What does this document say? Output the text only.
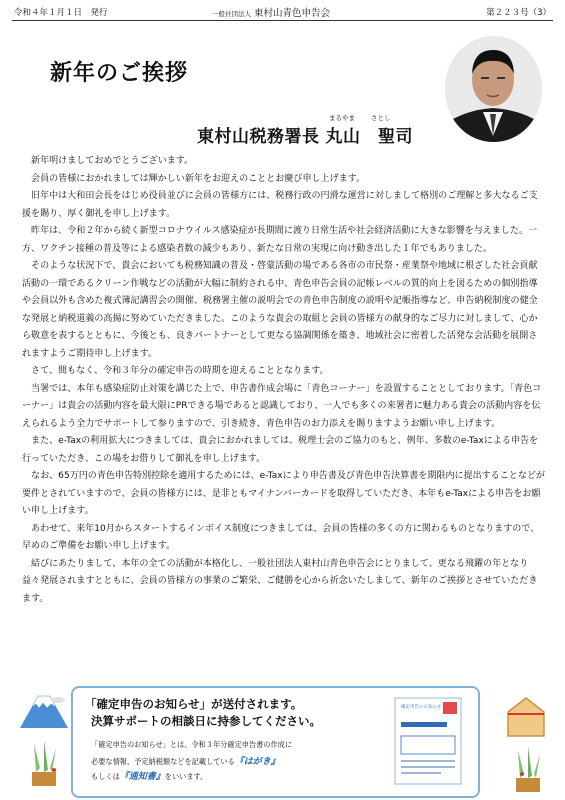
令和４年１月１日　発行	一般社団法人 東村山青色申告会	第２２３号（3）
新年のご挨拶
まるやま さとし
東村山税務署長 丸山　聖司

新年明けましておめでとうございます。

会員の皆様におかれましては輝かしい新年をお迎えのこととお慶び申し上げます。

旧年中は大和田会長をはじめ役員並びに会員の皆様方には、税務行政の円滑な運営に対しまして格別のご理解と多大なるご支援を賜り、厚く御礼を申し上げます。

昨年は、令和２年から続く新型コロナウイルス感染症が長期間に渡り日常生活や社会経済活動に大きな影響を与えました。一方、ワクチン接種の普及等による感染者数の減少もあり、新たな日常の実現に向け動き出した１年でもありました。

そのような状況下で、貴会においても税務知識の普及・啓蒙活動の場である各市の市民祭・産業祭や地域に根ざした社会貢献活動の一環であるクリーン作戦などの活動が大幅に制約される中、青色申告会員の記帳レベルの質的向上を図るための個別指導や会員以外も含めた複式簿記講習会の開催、税務署主催の説明会での青色申告制度の説明や記帳指導など、申告納税制度の健全な発展と納税道義の高揚に努めていただきました。このような貴会の取組と会員の皆様方の献身的なご尽力に対しまして、心から敬意を表するとともに、今後とも、良きパートナーとして更なる協調関係を築き、地域社会に密着した活発な会活動を展開されますようご期待申し上げます。

さて、間もなく、令和３年分の確定申告の時期を迎えることとなります。

当署では、本年も感染症防止対策を講じた上で、申告書作成会場に「青色コーナー」を設置することとしております。「青色コーナー」は貴会の活動内容を最大限にPRできる場であると認識しており、一人でも多くの来署者に魅力ある貴会の活動内容を伝えられるよう全力でサポートして参りますので、引き続き、青色申告のお力添えを賜りますようお願い申し上げます。

また、e-Taxの利用拡大につきましては、貴会におかれましては、税理士会のご協力のもと、例年、多数のe-Taxによる申告を行っていただき、この場をお借りして御礼を申し上げます。

なお、65万円の青色申告特別控除を適用するためには、e-Taxにより申告書及び青色申告決算書を期限内に提出することなどが要件とされていますので、会員の皆様方には、是非ともマイナンバーカードを取得していただき、本年もe-Taxによる申告をお願い申し上げます。

あわせて、来年10月からスタートするインボイス制度につきましては、会員の皆様の多くの方に関わるものとなりますので、早めのご準備をお願い申し上げます。

結びにあたりまして、本年の全ての活動が本格化し、一般社団法人東村山青色申告会にとりまして、更なる飛躍の年となり益々発展されますとともに、会員の皆様方の事業のご繁栄、ご健勝を心から祈念いたしまして、新年のご挨拶とさせていただきます。

「確定申告のお知らせ」が送付されます。
決算サポートの相談日に持参してください。
「確定申告のお知らせ」とは、令和３年分確定申告書の作成に
必要な情報、予定納税額などを記載している『はがき』
もしくは『通知書』をいいます。
確定申告のお知らせ
